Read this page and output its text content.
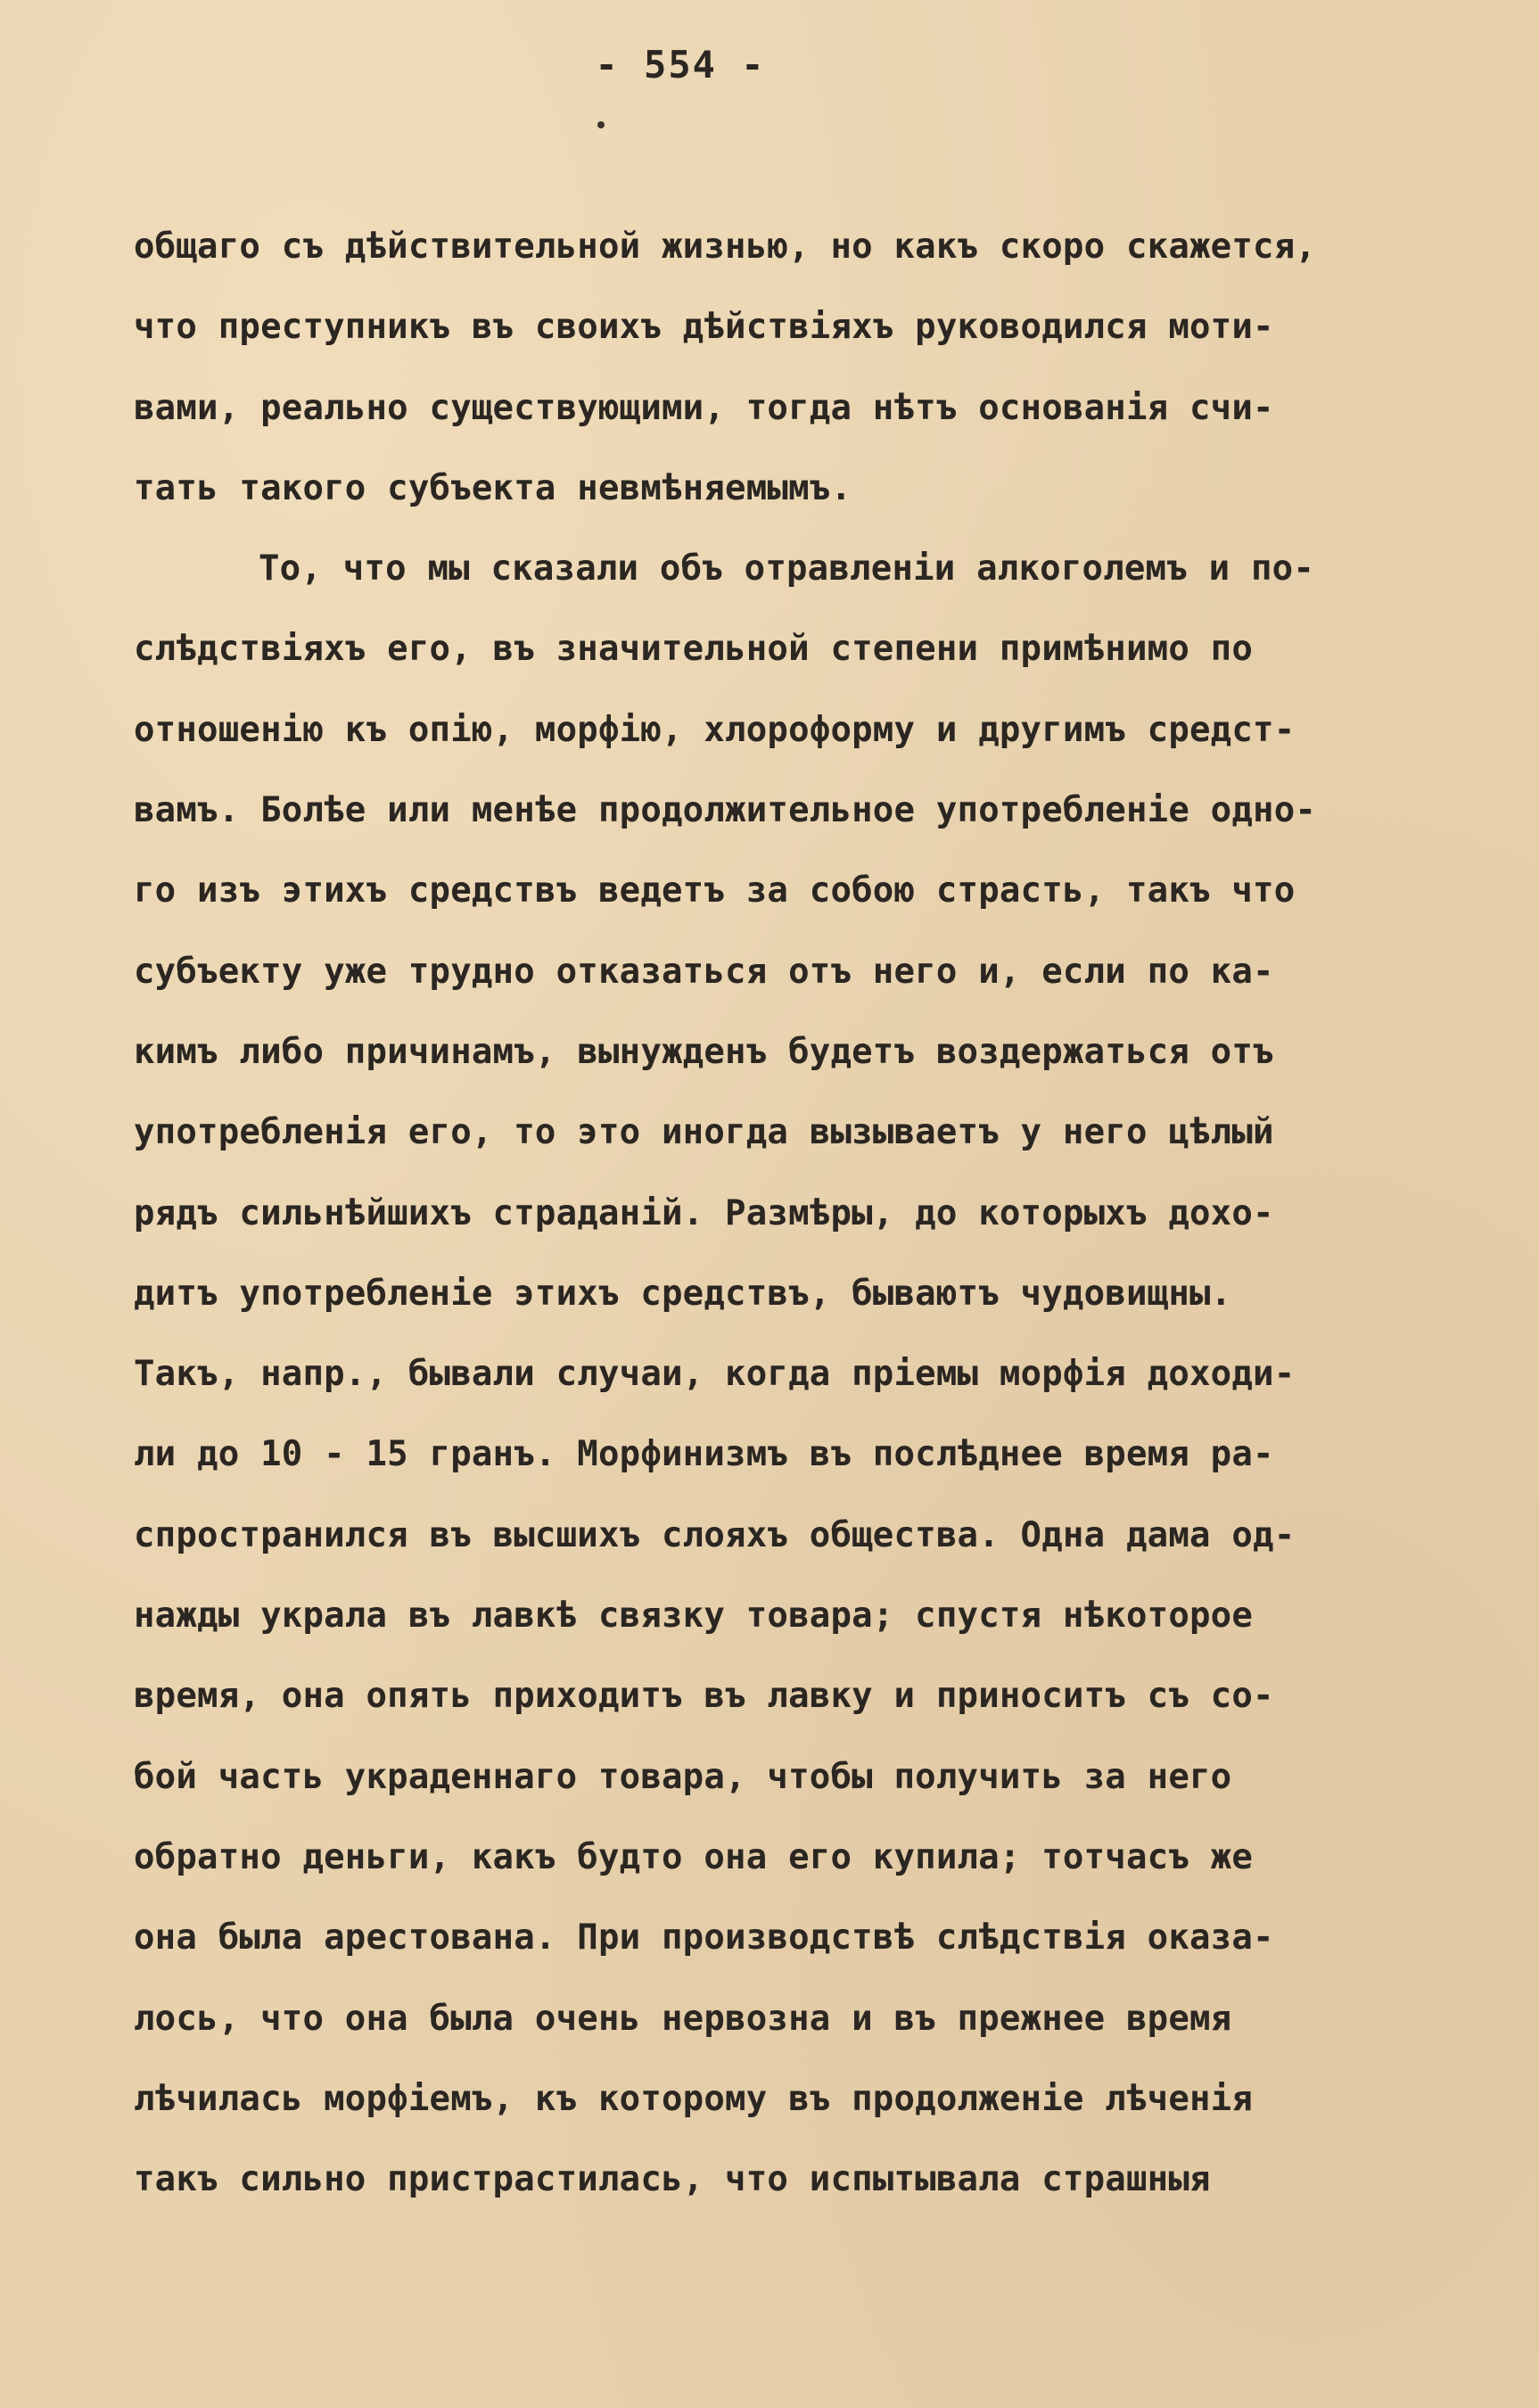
- 554 -
общаго съ дѣйствительной жизнью, но какъ скоро скажется,
что преступникъ въ своихъ дѣйствiяхъ руководился моти-
вами, реально существующими, тогда нѣтъ основанiя счи-
тать такого субъекта невмѣняемымъ.
То, что мы сказали объ отравленiи алкоголемъ и по-
слѣдствiяхъ его, въ значительной степени примѣнимо по
отношенiю къ опiю, морфiю, хлороформу и другимъ средст-
вамъ. Болѣе или менѣе продолжительное употребленiе одно-
го изъ этихъ средствъ ведетъ за собою страсть, такъ что
субъекту уже трудно отказаться отъ него и, если по ка-
кимъ либо причинамъ, вынужденъ будетъ воздержаться отъ
употребленiя его, то это иногда вызываетъ у него цѣлый
рядъ сильнѣйшихъ страданiй. Размѣры, до которыхъ дохо-
дитъ употребленiе этихъ средствъ, бываютъ чудовищны.
Такъ, напр., бывали случаи, когда прiемы морфiя доходи-
ли до 10 - 15 гранъ. Морфинизмъ въ послѣднее время ра-
спространился въ высшихъ слояхъ общества. Одна дама од-
нажды украла въ лавкѣ связку товара; спустя нѣкоторое
время, она опять приходитъ въ лавку и приноситъ съ со-
бой часть украденнаго товара, чтобы получить за него
обратно деньги, какъ будто она его купила; тотчасъ же
она была арестована. При производствѣ слѣдствiя оказа-
лось, что она была очень нервозна и въ прежнее время
лѣчилась морфiемъ, къ которому въ продолженiе лѣченiя
такъ сильно пристрастилась, что испытывала страшныя
